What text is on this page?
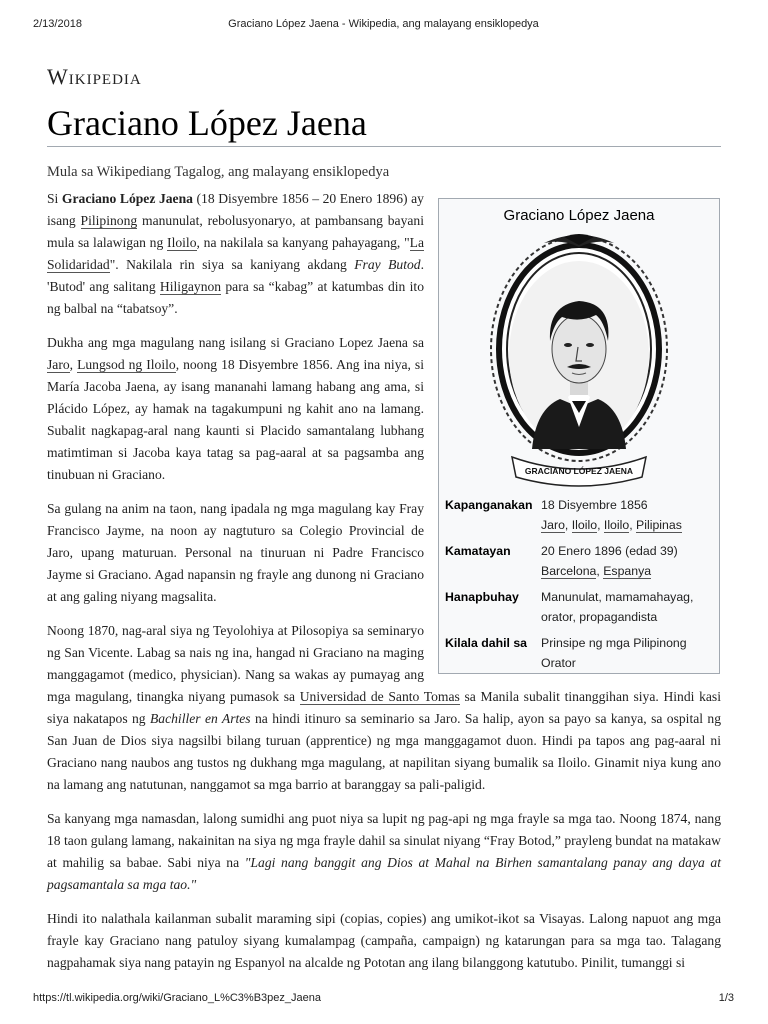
2/13/2018	Graciano López Jaena - Wikipedia, ang malayang ensiklopedya
Wikipedia
Graciano López Jaena
Mula sa Wikipediang Tagalog, ang malayang ensiklopedya
Graciano López Jaena
GRACIANO LÓPEZ JAENA
Kapanganakan	18 Disyembre 1856
Jaro, Iloilo, Iloilo, Pilipinas
Kamatayan	20 Enero 1896 (edad 39)
Barcelona, Espanya
Hanapbuhay	Manunulat, mamamahayag,
orator, propagandista
Kilala dahil sa	Prinsipe ng mga Pilipinong
Orator

Si Graciano López Jaena (18 Disyembre 1856 – 20 Enero 1896) ay isang Pilipinong manunulat, rebolusyonaryo, at pambansang bayani mula sa lalawigan ng Iloilo, na nakilala sa kanyang pahayagang, "La Solidaridad". Nakilala rin siya sa kaniyang akdang Fray Butod. 'Butod' ang salitang Hiligaynon para sa “kabag” at katumbas din ito ng balbal na “tabatsoy”.

Dukha ang mga magulang nang isilang si Graciano Lopez Jaena sa Jaro, Lungsod ng Iloilo, noong 18 Disyembre 1856. Ang ina niya, si María Jacoba Jaena, ay isang mananahi lamang habang ang ama, si Plácido López, ay hamak na tagakumpuni ng kahit ano na lamang. Subalit nagkapag-aral nang kaunti si Placido samantalang lubhang matimtiman si Jacoba kaya tatag sa pag-aaral at sa pagsamba ang tinubuan ni Graciano.

Sa gulang na anim na taon, nang ipadala ng mga magulang kay Fray Francisco Jayme, na noon ay nagtuturo sa Colegio Provincial de Jaro, upang maturuan. Personal na tinuruan ni Padre Francisco Jayme si Graciano. Agad napansin ng frayle ang dunong ni Graciano at ang galing niyang magsalita.

Noong 1870, nag-aral siya ng Teyolohiya at Pilosopiya sa seminaryo ng San Vicente. Labag sa nais ng ina, hangad ni Graciano na maging manggagamot (medico, physician). Nang sa wakas ay pumayag ang mga magulang, tinangka niyang pumasok sa Universidad de Santo Tomas sa Manila subalit tinanggihan siya. Hindi kasi siya nakatapos ng Bachiller en Artes na hindi itinuro sa seminario sa Jaro. Sa halip, ayon sa payo sa kanya, sa ospital ng San Juan de Dios siya nagsilbi bilang turuan (apprentice) ng mga manggagamot duon. Hindi pa tapos ang pag-aaral ni Graciano nang naubos ang tustos ng dukhang mga magulang, at napilitan siyang bumalik sa Iloilo. Ginamit niya kung ano na lamang ang natutunan, nanggamot sa mga barrio at baranggay sa pali-paligid.

Sa kanyang mga namasdan, lalong sumidhi ang puot niya sa lupit ng pag-api ng mga frayle sa mga tao. Noong 1874, nang 18 taon gulang lamang, nakainitan na siya ng mga frayle dahil sa sinulat niyang “Fray Botod,” prayleng bundat na matakaw at mahilig sa babae. Sabi niya na "Lagi nang banggit ang Dios at Mahal na Birhen samantalang panay ang daya at pagsamantala sa mga tao."

Hindi ito nalathala kailanman subalit maraming sipi (copias, copies) ang umikot-ikot sa Visayas. Lalong napuot ang mga frayle kay Graciano nang patuloy siyang kumalampag (campaña, campaign) ng katarungan para sa mga tao. Talagang nagpahamak siya nang patayin ng Espanyol na alcalde ng Pototan ang ilang bilanggong katutubo. Pinilit, tumanggi si

https://tl.wikipedia.org/wiki/Graciano_L%C3%B3pez_Jaena	1/3
